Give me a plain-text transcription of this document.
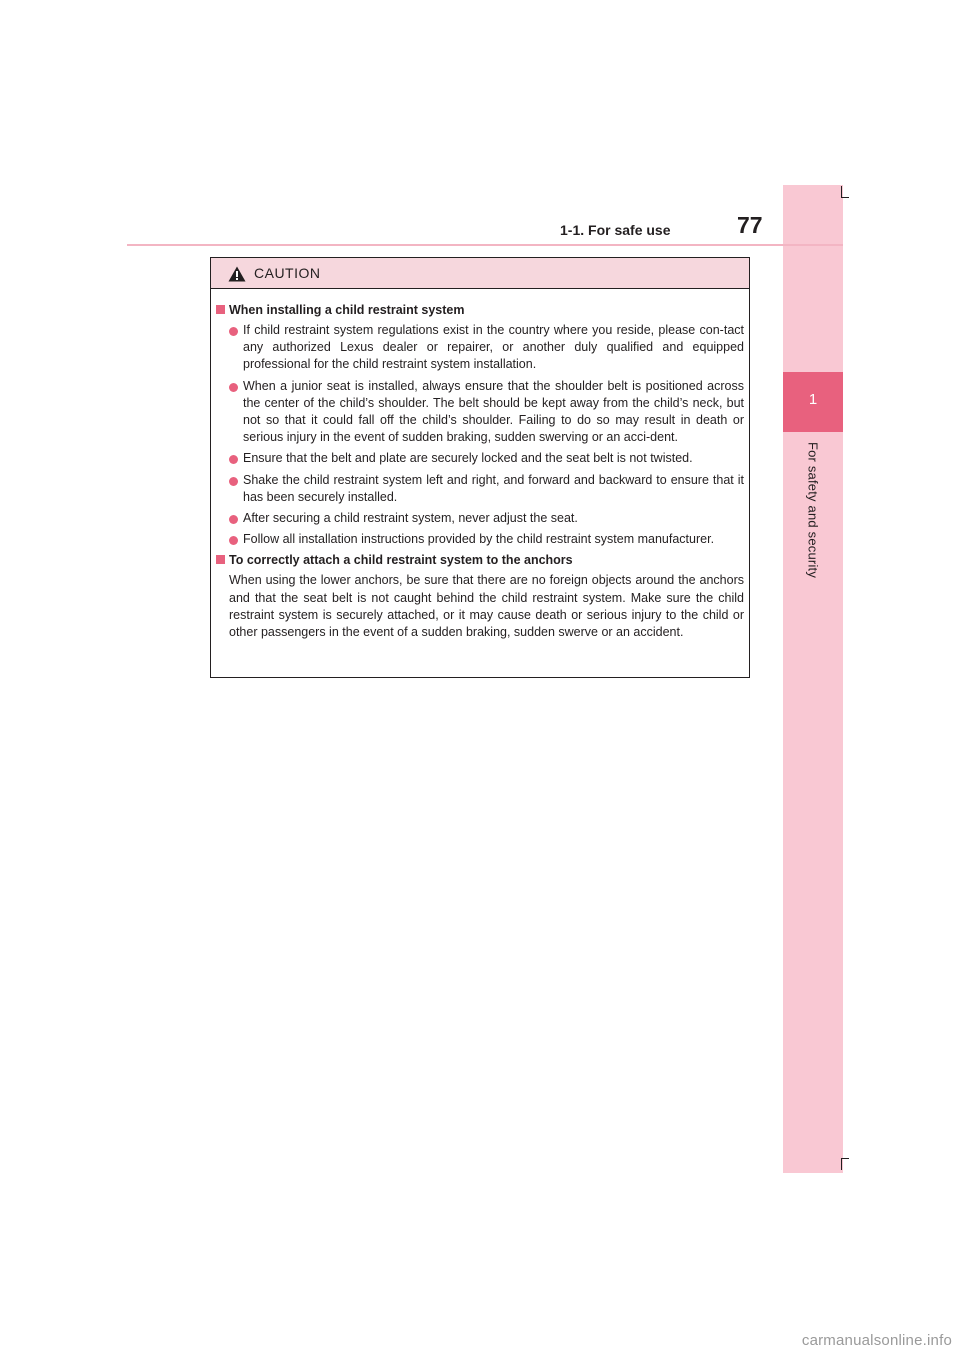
1
For safety and security
1-1. For safe use	77
CAUTION
When installing a child restraint system
If child restraint system regulations exist in the country where you reside, please con-tact any authorized Lexus dealer or repairer, or another duly qualified and equipped professional for the child restraint system installation.
When a junior seat is installed, always ensure that the shoulder belt is positioned across the center of the child’s shoulder. The belt should be kept away from the child’s neck, but not so that it could fall off the child’s shoulder. Failing to do so may result in death or serious injury in the event of sudden braking, sudden swerving or an acci-dent.
Ensure that the belt and plate are securely locked and the seat belt is not twisted.
Shake the child restraint system left and right, and forward and backward to ensure that it has been securely installed.
After securing a child restraint system, never adjust the seat.
Follow all installation instructions provided by the child restraint system manufacturer.
To correctly attach a child restraint system to the anchors
When using the lower anchors, be sure that there are no foreign objects around the anchors and that the seat belt is not caught behind the child restraint system. Make sure the child restraint system is securely attached, or it may cause death or serious injury to the child or other passengers in the event of a sudden braking, sudden swerve or an accident.
carmanualsonline.info
